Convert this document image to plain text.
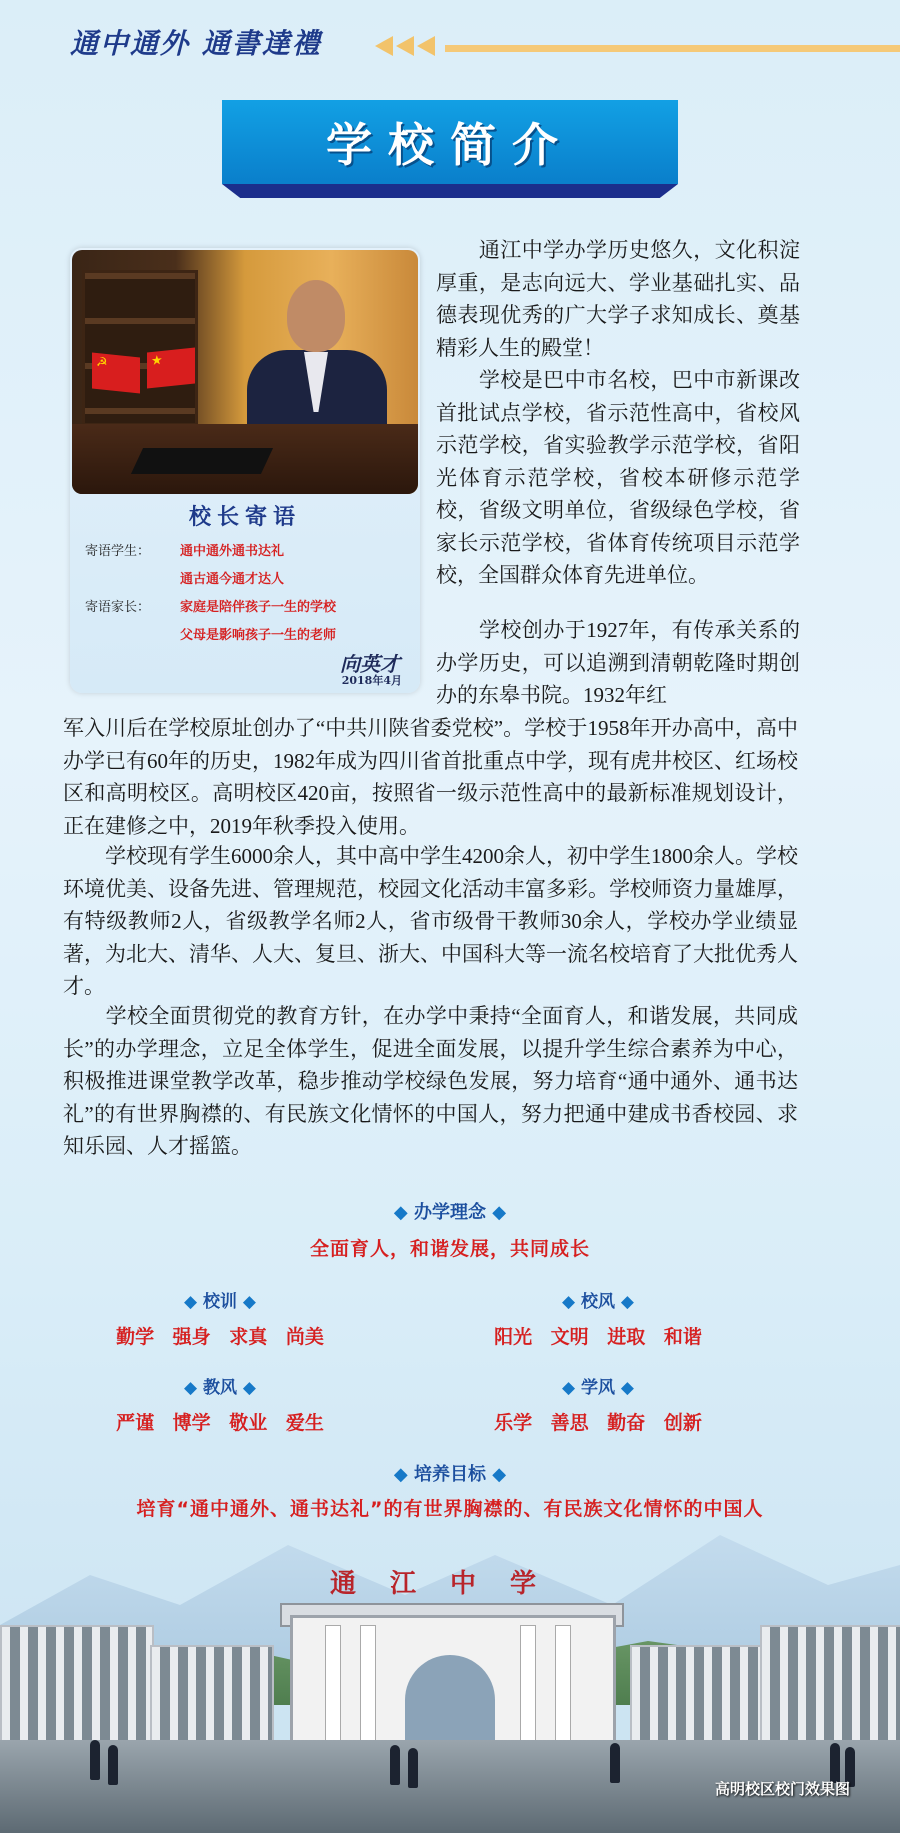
通中通外 通書達禮
学校简介
☭
★
校长寄语
寄语学生： 通中通外通书达礼
通古通今通才达人
寄语家长： 家庭是陪伴孩子一生的学校
父母是影响孩子一生的老师
向英才
2018年4月

　　通江中学办学历史悠久，文化积淀厚重，是志向远大、学业基础扎实、品德表现优秀的广大学子求知成长、奠基精彩人生的殿堂！

　　学校是巴中市名校，巴中市新课改首批试点学校，省示范性高中，省校风示范学校，省实验教学示范学校，省阳光体育示范学校，省校本研修示范学校，省级文明单位，省级绿色学校，省家长示范学校，省体育传统项目示范学校，全国群众体育先进单位。

　　学校创办于1927年，有传承关系的办学历史，可以追溯到清朝乾隆时期创办的东皋书院。1932年红

军入川后在学校原址创办了“中共川陕省委党校”。学校于1958年开办高中，高中办学已有60年的历史，1982年成为四川省首批重点中学，现有虎井校区、红场校区和高明校区。高明校区420亩，按照省一级示范性高中的最新标准规划设计，正在建修之中，2019年秋季投入使用。

　　学校现有学生6000余人，其中高中学生4200余人，初中学生1800余人。学校环境优美、设备先进、管理规范，校园文化活动丰富多彩。学校师资力量雄厚，有特级教师2人，省级教学名师2人，省市级骨干教师30余人，学校办学业绩显著，为北大、清华、人大、复旦、浙大、中国科大等一流名校培育了大批优秀人才。

　　学校全面贯彻党的教育方针，在办学中秉持“全面育人，和谐发展，共同成长”的办学理念，立足全体学生，促进全面发展，以提升学生综合素养为中心，积极推进课堂教学改革，稳步推动学校绿色发展，努力培育“通中通外、通书达礼”的有世界胸襟的、有民族文化情怀的中国人，努力把通中建成书香校园、求知乐园、人才摇篮。

◆ 办学理念 ◆
全面育人，和谐发展，共同成长
◆ 校训 ◆
勤学 强身 求真 尚美
◆ 校风 ◆
阳光 文明 进取 和谐
◆ 教风 ◆
严谨 博学 敬业 爱生
◆ 学风 ◆
乐学 善思 勤奋 创新
◆ 培养目标 ◆
培育“通中通外、通书达礼”的有世界胸襟的、有民族文化情怀的中国人
通江中学
高明校区校门效果图
